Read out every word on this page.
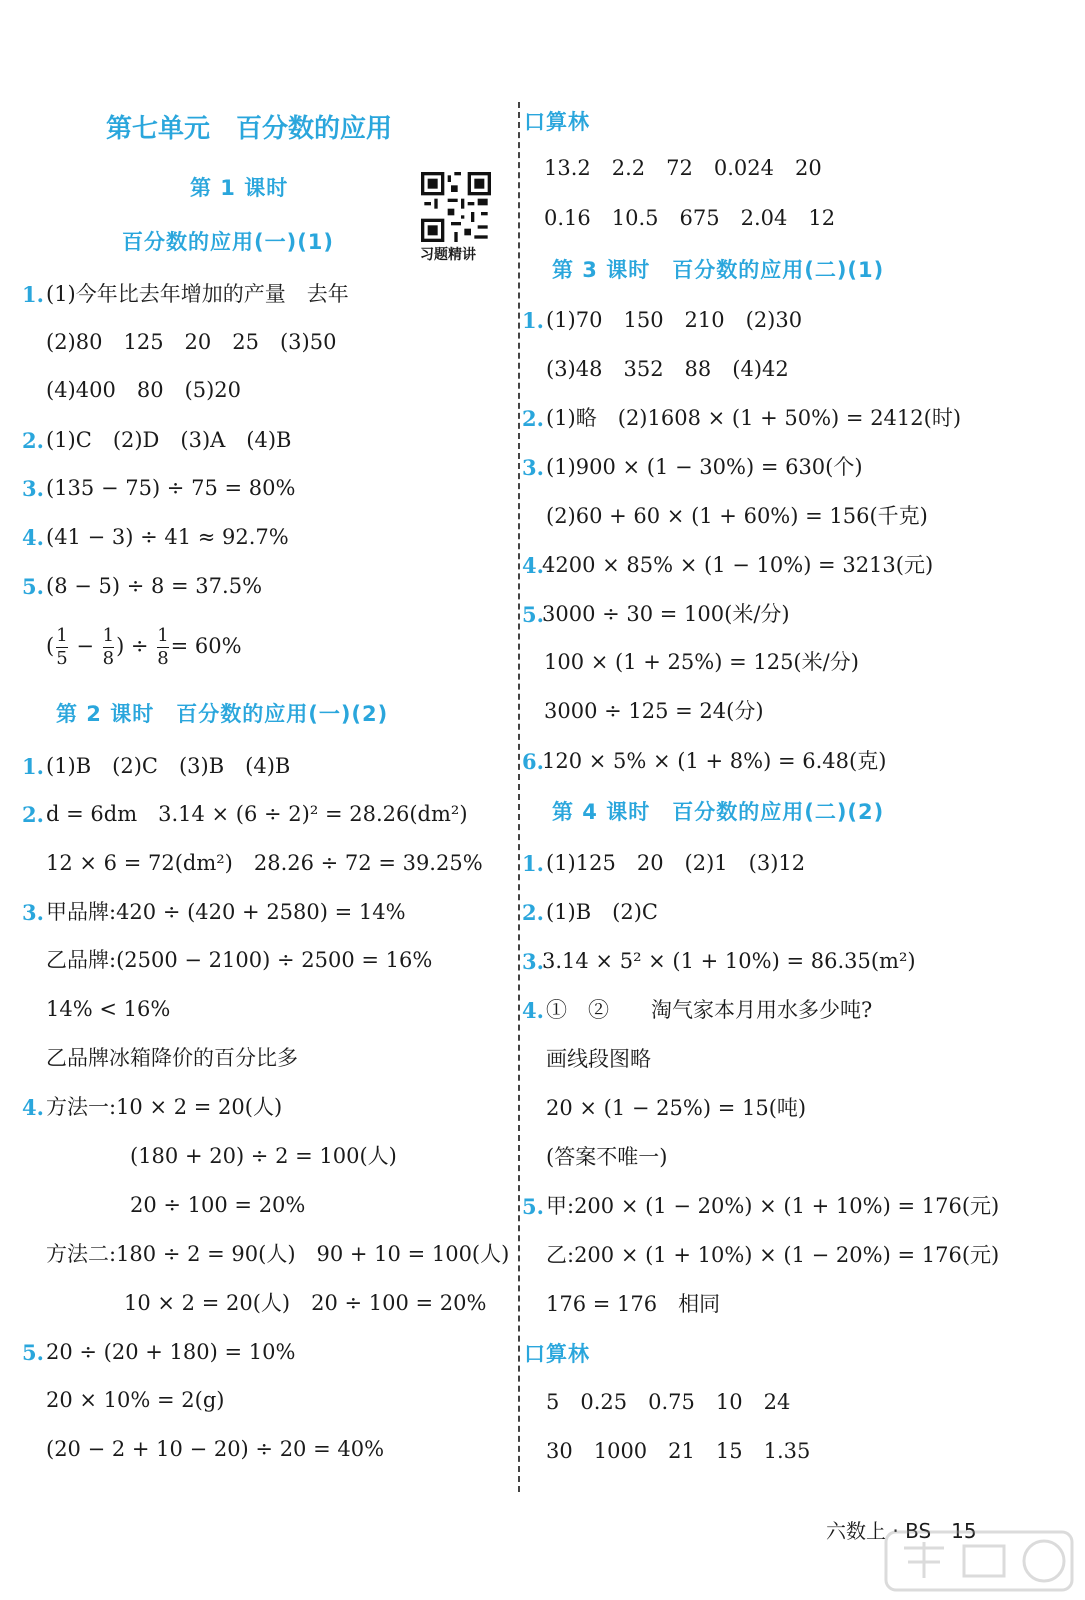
第七单元　百分数的应用
习题精讲
第 1 课时
百分数的应用(一)(1)
1. (1)今年比去年增加的产量　去年
(2)80　125　20　25　(3)50
(4)400　80　(5)20
2. (1)C　(2)D　(3)A　(4)B
3. (135 − 75) ÷ 75 = 80%
4. (41 − 3) ÷ 41 ≈ 92.7%
5. (8 − 5) ÷ 8 = 37.5%
( $\frac{1}{5} - \frac{1}{8}$ ) ÷ $\frac{1}{8} = 60\%$
第 2 课时　百分数的应用(一)(2)
1. (1)B　(2)C　(3)B　(4)B
2. d = 6dm　3.14 × (6 ÷ 2)² = 28.26(dm²)
12 × 6 = 72(dm²)　28.26 ÷ 72 = 39.25%
3. 甲品牌:420 ÷ (420 + 2580) = 14%
乙品牌:(2500 − 2100) ÷ 2500 = 16%
14% < 16%
乙品牌冰箱降价的百分比多
4. 方法一:10 × 2 = 20(人)
(180 + 20) ÷ 2 = 100(人)
20 ÷ 100 = 20%
方法二:180 ÷ 2 = 90(人)　90 + 10 = 100(人)
10 × 2 = 20(人)　20 ÷ 100 = 20%
5. 20 ÷ (20 + 180) = 10%
20 × 10% = 2(g)
(20 − 2 + 10 − 20) ÷ 20 = 40%
口算林
13.2　2.2　72　0.024　20
0.16　10.5　675　2.04　12
第 3 课时　百分数的应用(二)(1)
1. (1)70　150　210　(2)30
(3)48　352　88　(4)42
2. (1)略　(2)1608 × (1 + 50%) = 2412(时)
3. (1)900 × (1 − 30%) = 630(个)
(2)60 + 60 × (1 + 60%) = 156(千克)
4.
4200 × 85% × (1 − 10%) = 3213(元)
5.
3000 ÷ 30 = 100(米/分)
100 × (1 + 25%) = 125(米/分)
3000 ÷ 125 = 24(分)
6.
120 × 5% × (1 + 8%) = 6.48(克)
第 4 课时　百分数的应用(二)(2)
1. (1)125　20　(2)1　(3)12
2. (1)B　(2)C
3.
3.14 × 5² × (1 + 10%) = 86.35(m²)
4. ①　②　　淘气家本月用水多少吨?
画线段图略
20 × (1 − 25%) = 15(吨)
(答案不唯一)
5. 甲:200 × (1 − 20%) × (1 + 10%) = 176(元)
乙:200 × (1 + 10%) × (1 − 20%) = 176(元)
176 = 176　相同
口算林
5　0.25　0.75　10　24
30　1000　21　15　1.35
六数上 · BS　15
